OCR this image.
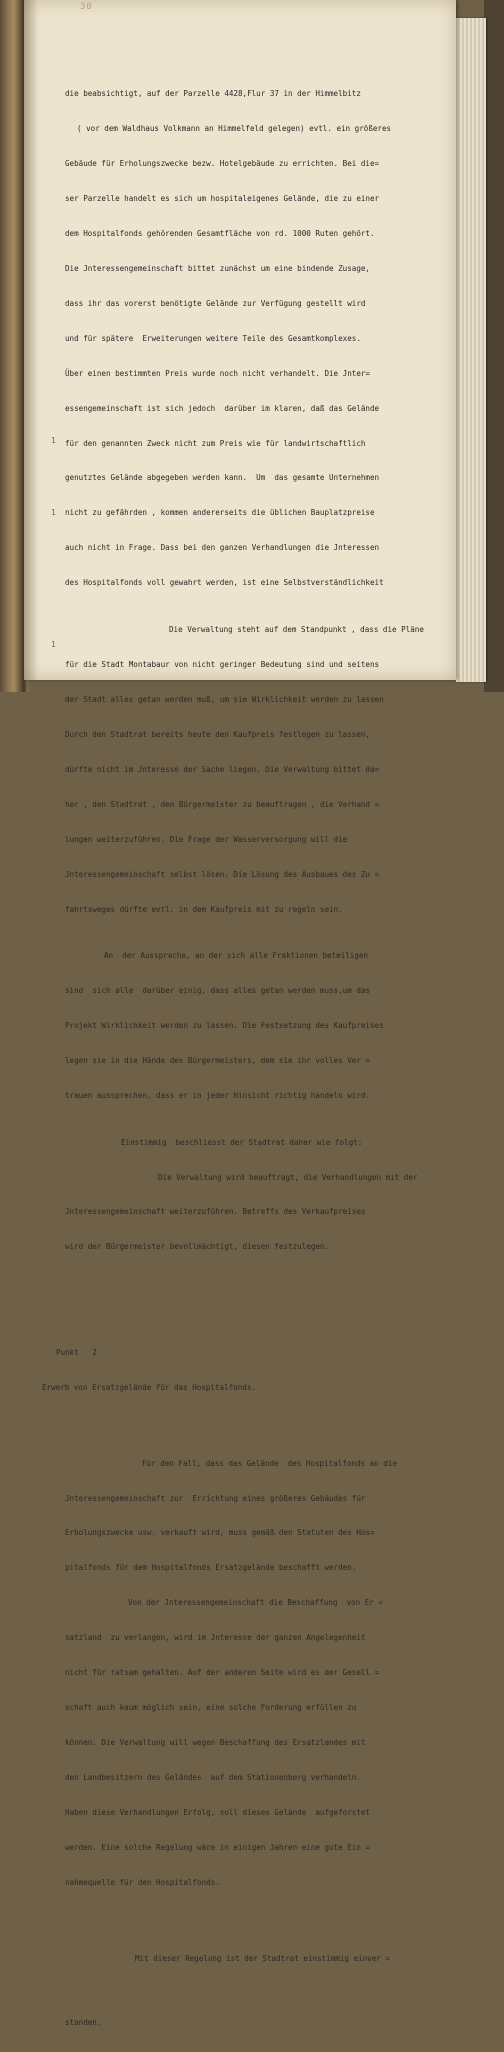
30

die beabsichtigt, auf der Parzelle 4428,Flur 37 in der Himmelbitz

( vor dem Waldhaus Volkmann an Himmelfeld gelegen) evtl. ein größeres

Gebäude für Erholungszwecke bezw. Hotelgebäude zu errichten. Bei die=

ser Parzelle handelt es sich um hospitaleigenes Gelände, die zu einer

dem Hospitalfonds gehörenden Gesamtfläche von rd. 1000 Ruten gehört.

Die Jnteressengemeinschaft bittet zunächst um eine bindende Zusage,

dass ihr das vorerst benötigte Gelände zur Verfügung gestellt wird

und für spätere  Erweiterungen weitere Teile des Gesamtkomplexes.

Über einen bestimmten Preis wurde noch nicht verhandelt. Die Jnter=

essengemeinschaft ist sich jedoch  darüber im klaren, daß das Gelände

für den genannten Zweck nicht zum Preis wie für landwirtschaftlich

genutztes Gelände abgegeben werden kann.  Um  das gesamte Unternehmen

nicht zu gefährden , kommen andererseits die üblichen Bauplatzpreise

auch nicht in Frage. Dass bei den ganzen Verhandlungen die Jnteressen

des Hospitalfonds voll gewahrt werden, ist eine Selbstverständlichkeit

Die Verwaltung steht auf dem Standpunkt , dass die Pläne

für die Stadt Montabaur von nicht geringer Bedeutung sind und seitens

der Stadt alles getan werden muß, um sie Wirklichkeit werden zu lassen

Durch den Stadtrat bereits heute den Kaufpreis festlegen zu lassen,

dürfte nicht im Jnteresse der Sache liegen. Die Verwaltung bittet da=

her , den Stadtrat , den Bürgermeister zu beauftragen , die Verhand =

lungen weiterzuführen. Die Frage der Wasserversorgung will die

Jnteressengemeinschaft selbst lösen. Die Lösung des Ausbaues des Zu =

fahrtsweges dürfte evtl. in dem Kaufpreis mit zu regeln sein.

An  der Aussprache, an der sich alle Fraktionen beteiligen

sind  sich alle  darüber einig, dass alles getan werden muss,um das

Projekt Wirklichkeit werden zu lassen. Die Festsetzung des Kaufpreises

legen sie in die Hände des Bürgermeisters, dem sie ihr volles Ver =

trauen aussprechen, dass er in jeder Hinsicht richtig handeln wird.

Einstimmig  beschliesst der Stadtrat daher wie folgt:

Die Verwaltung wird beauftragt, die Verhandlungen mit der

Jnteressengemeinschaft weiterzuführen. Betreffs des Verkaufpreises

wird der Bürgermeister bevollmächtigt, diesen festzulegen.

Punkt   2

Erwerb von Ersatzgelände für das Hospitalfonds.

Für den Fall, dass das Gelände  des Hospitalfonds an die

Jnteressengemeinschaft zur  Errichtung eines größeres Gebäudes für

Erholungszwecke usw. verkauft wird, muss gemäß den Statuten des Hos=

pitalfonds für dem Hospitalfonds Ersatzgelände beschafft werden.

Von der Jnteressengemeinschaft die Beschaffung  von Er =

satzland  zu verlangen, wird im Jnteresse der ganzen Angelegenheit

nicht für ratsam gehalten. Auf der anderen Seite wird es der Gesell =

schaft auch kaum möglich sein, eine solche Forderung erfüllen zu

können. Die Verwaltung will wegen Beschaffung des Ersatzlandes mit

den Landbesitzern des Geländes  auf dem Stationenberg verhandeln.

Haben diese Verhandlungen Erfolg, soll dieses Gelände  aufgeforstet

werden. Eine solche Regelung wäre in einigen Jahren eine gute Ein =

nahmequelle für den Hospitalfonds.

Mit dieser Regelung ist der Stadtrat einstimmig einver =

standen.

1
1
1
